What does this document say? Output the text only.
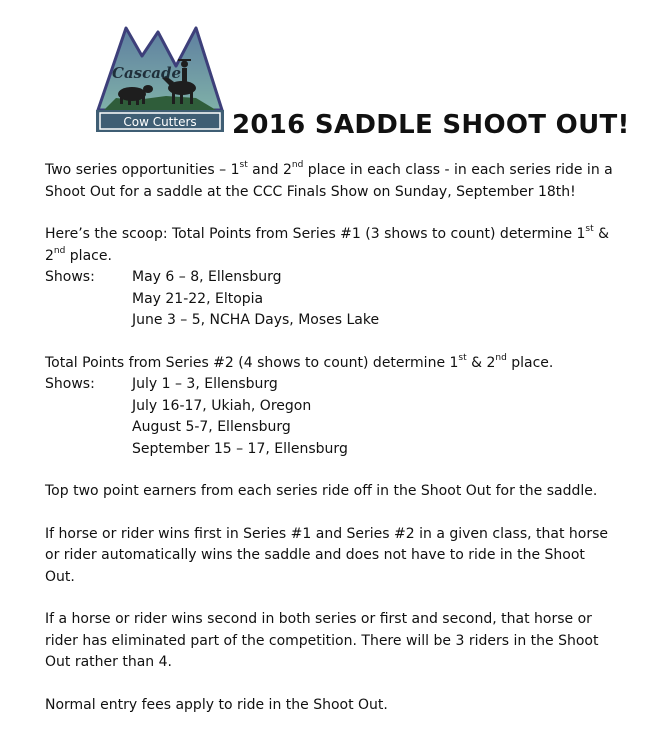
Cascade
Cow Cutters 2016 SADDLE SHOOT OUT!

Two series opportunities – 1st and 2nd place in each class - in each series ride in a Shoot Out for a saddle at the CCC Finals Show on Sunday, September 18th!

Here’s the scoop: Total Points from Series #1 (3 shows to count) determine 1st & 2nd place.

Shows:	May 6 – 8, Ellensburg
May 21-22, Eltopia
June 3 – 5, NCHA Days, Moses Lake

Total Points from Series #2 (4 shows to count) determine 1st & 2nd place.

Shows:	July 1 – 3, Ellensburg
July 16-17, Ukiah, Oregon
August 5-7, Ellensburg
September 15 – 17, Ellensburg

Top two point earners from each series ride off in the Shoot Out for the saddle.

If horse or rider wins first in Series #1 and Series #2 in a given class, that horse or rider automatically wins the saddle and does not have to ride in the Shoot Out.

If a horse or rider wins second in both series or first and second, that horse or rider has eliminated part of the competition. There will be 3 riders in the Shoot Out rather than 4.

Normal entry fees apply to ride in the Shoot Out.
